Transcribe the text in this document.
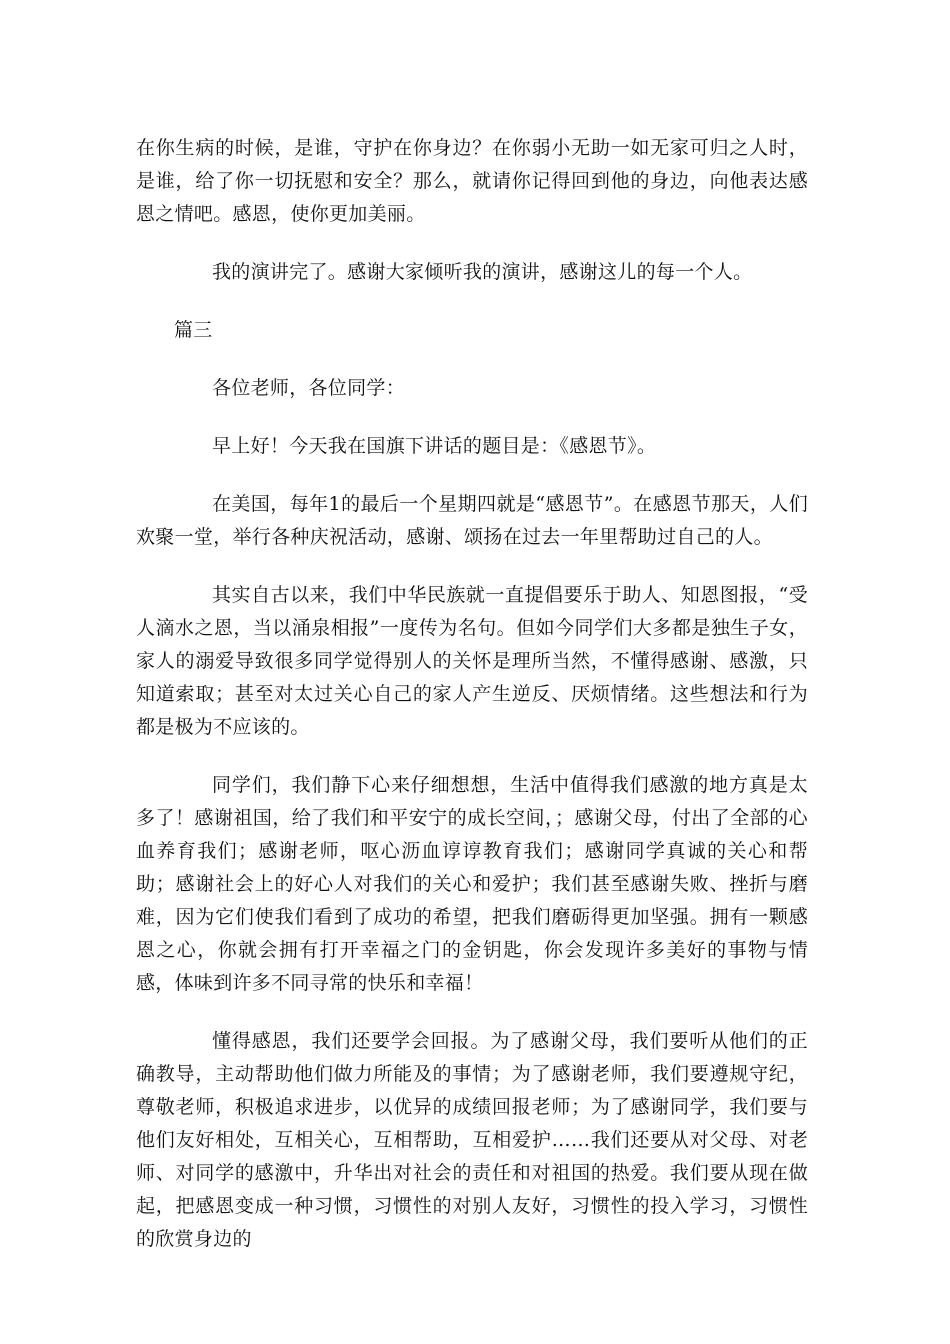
在你生病的时候，是谁，守护在你身边？在你弱小无助一如无家可归之人时，是谁，给了你一切抚慰和安全？那么，就请你记得回到他的身边，向他表达感恩之情吧。感恩，使你更加美丽。

我的演讲完了。感谢大家倾听我的演讲，感谢这儿的每一个人。

篇三

各位老师，各位同学：

早上好！今天我在国旗下讲话的题目是：《感恩节》。

在美国，每年1的最后一个星期四就是“感恩节”。在感恩节那天，人们欢聚一堂，举行各种庆祝活动，感谢、颂扬在过去一年里帮助过自己的人。

其实自古以来，我们中华民族就一直提倡要乐于助人、知恩图报，“受人滴水之恩，当以涌泉相报”一度传为名句。但如今同学们大多都是独生子女，家人的溺爱导致很多同学觉得别人的关怀是理所当然，不懂得感谢、感激，只知道索取；甚至对太过关心自己的家人产生逆反、厌烦情绪。这些想法和行为都是极为不应该的。

同学们，我们静下心来仔细想想，生活中值得我们感激的地方真是太多了！感谢祖国，给了我们和平安宁的成长空间，；感谢父母，付出了全部的心血养育我们；感谢老师，呕心沥血谆谆教育我们；感谢同学真诚的关心和帮助；感谢社会上的好心人对我们的关心和爱护；我们甚至感谢失败、挫折与磨难，因为它们使我们看到了成功的希望，把我们磨砺得更加坚强。拥有一颗感恩之心，你就会拥有打开幸福之门的金钥匙，你会发现许多美好的事物与情感，体味到许多不同寻常的快乐和幸福！

懂得感恩，我们还要学会回报。为了感谢父母，我们要听从他们的正确教导，主动帮助他们做力所能及的事情；为了感谢老师，我们要遵规守纪，尊敬老师，积极追求进步，以优异的成绩回报老师；为了感谢同学，我们要与他们友好相处，互相关心，互相帮助，互相爱护……我们还要从对父母、对老师、对同学的感激中，升华出对社会的责任和对祖国的热爱。我们要从现在做起，把感恩变成一种习惯，习惯性的对别人友好，习惯性的投入学习，习惯性的欣赏身边的
